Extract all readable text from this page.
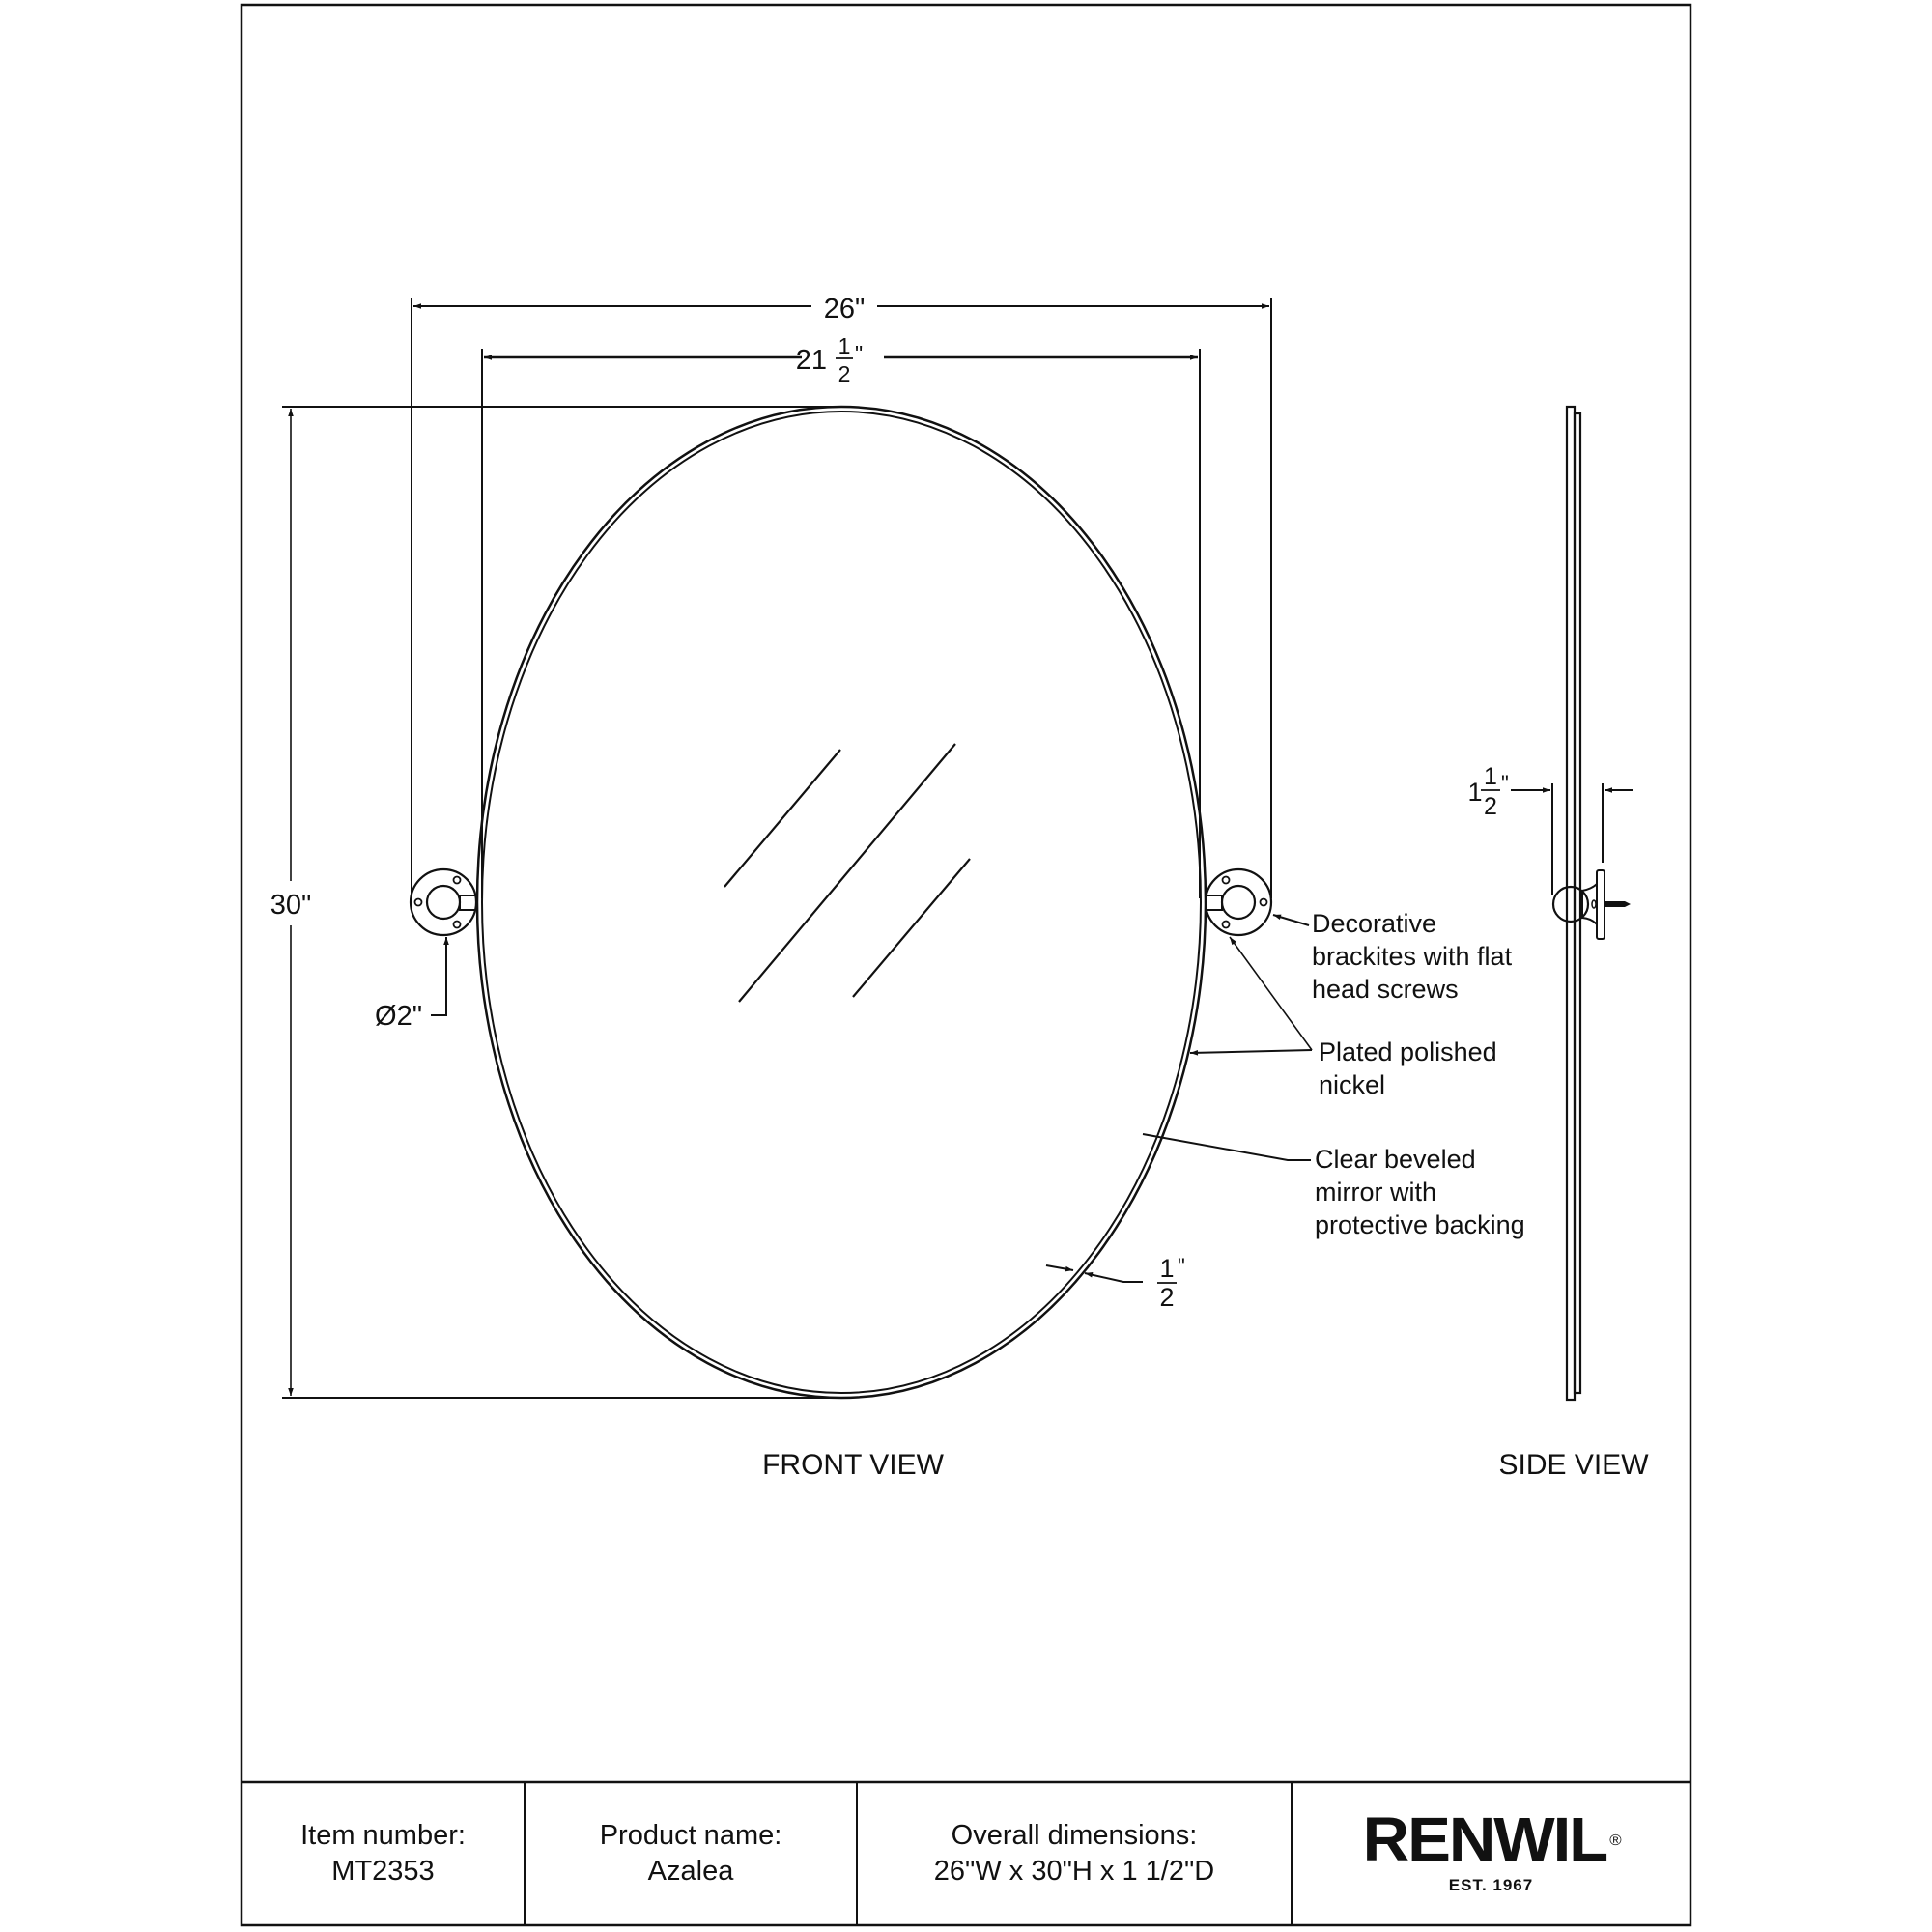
26"
21 1
2
"
30"
Ø2"
Decorative
brackites with flat
head screws
Plated polished
nickel
Clear beveled
mirror with
protective backing
1
2
"
FRONT VIEW
1
1
2
"
SIDE VIEW
Item number:
MT2353
Product name:
Azalea
Overall dimensions:
26"W x 30"H x 1 1/2"D RENWIL ®
EST. 1967
